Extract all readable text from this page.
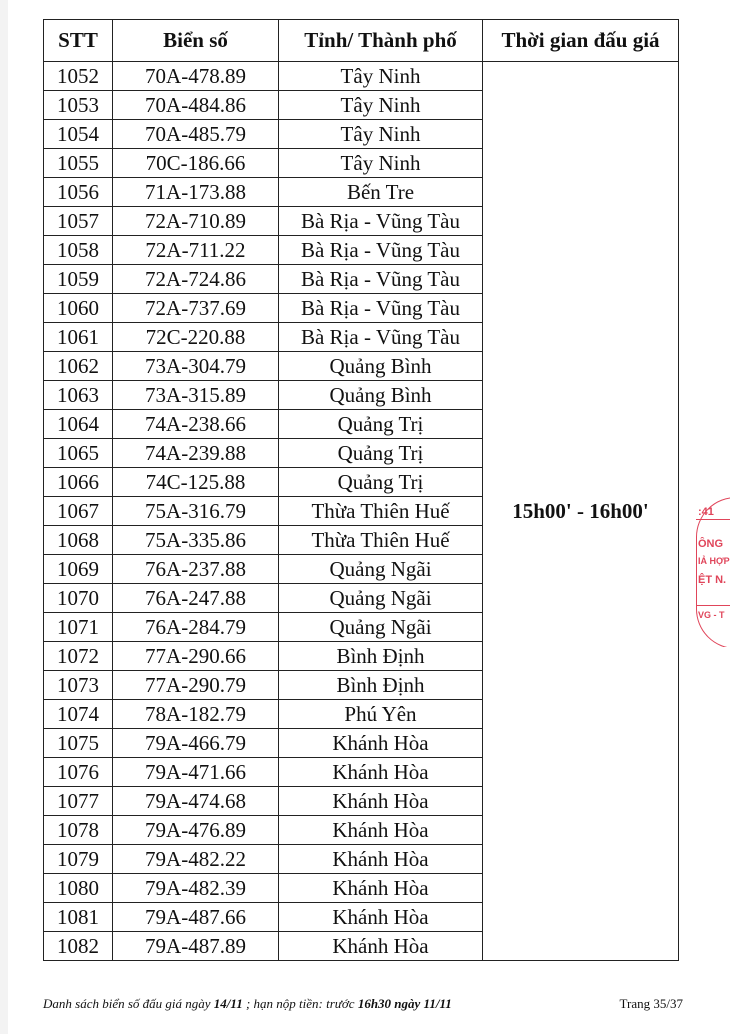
STT	Biển số	Tỉnh/ Thành phố	Thời gian đấu giá
1052	70A-478.89	Tây Ninh	15h00' - 16h00'
1053	70A-484.86	Tây Ninh	
1054	70A-485.79	Tây Ninh	
1055	70C-186.66	Tây Ninh	
1056	71A-173.88	Bến Tre	
1057	72A-710.89	Bà Rịa - Vũng Tàu	
1058	72A-711.22	Bà Rịa - Vũng Tàu	
1059	72A-724.86	Bà Rịa - Vũng Tàu	
1060	72A-737.69	Bà Rịa - Vũng Tàu	
1061	72C-220.88	Bà Rịa - Vũng Tàu	
1062	73A-304.79	Quảng Bình	
1063	73A-315.89	Quảng Bình	
1064	74A-238.66	Quảng Trị	
1065	74A-239.88	Quảng Trị	
1066	74C-125.88	Quảng Trị	
1067	75A-316.79	Thừa Thiên Huế	
1068	75A-335.86	Thừa Thiên Huế	
1069	76A-237.88	Quảng Ngãi	
1070	76A-247.88	Quảng Ngãi	
1071	76A-284.79	Quảng Ngãi	
1072	77A-290.66	Bình Định	
1073	77A-290.79	Bình Định	
1074	78A-182.79	Phú Yên	
1075	79A-466.79	Khánh Hòa	
1076	79A-471.66	Khánh Hòa	
1077	79A-474.68	Khánh Hòa	
1078	79A-476.89	Khánh Hòa	
1079	79A-482.22	Khánh Hòa	
1080	79A-482.39	Khánh Hòa	
1081	79A-487.66	Khánh Hòa	
1082	79A-487.89	Khánh Hòa	
Danh sách biển số đấu giá ngày 14/11 ; hạn nộp tiền: trước 16h30 ngày 11/11	Trang 35/37
:41
ÔNG
IẢ HỢP
ỆT N.
VG - T
